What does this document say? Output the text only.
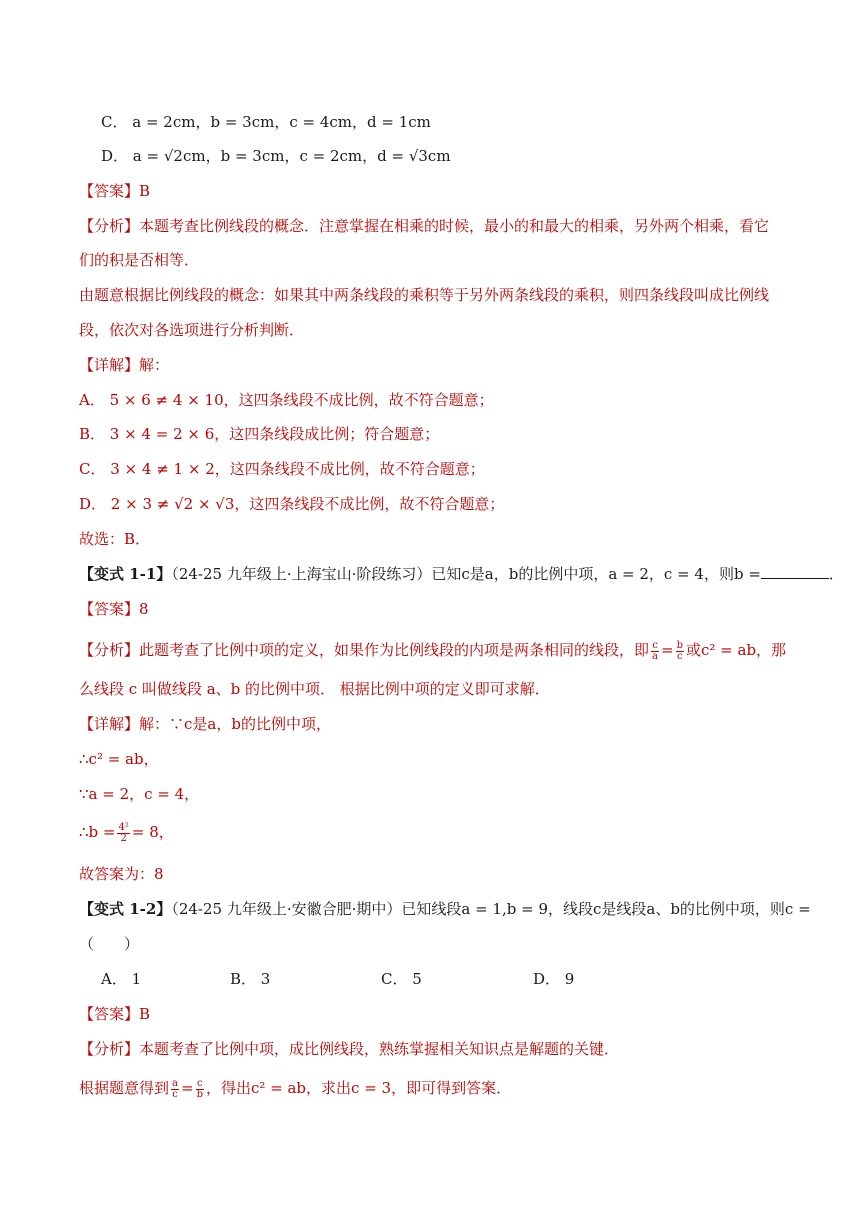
C． a = 2cm，b = 3cm，c = 4cm，d = 1cm
D． a = √2cm，b = 3cm，c = 2cm，d = √3cm
【答案】B
【分析】本题考查比例线段的概念．注意掌握在相乘的时候，最小的和最大的相乘，另外两个相乘，看它
们的积是否相等．
由题意根据比例线段的概念：如果其中两条线段的乘积等于另外两条线段的乘积，则四条线段叫成比例线
段，依次对各选项进行分析判断．
【详解】解：
A． 5 × 6 ≠ 4 × 10，这四条线段不成比例，故不符合题意；
B． 3 × 4 = 2 × 6，这四条线段成比例；符合题意；
C． 3 × 4 ≠ 1 × 2，这四条线段不成比例，故不符合题意；
D． 2 × 3 ≠ √2 × √3，这四条线段不成比例，故不符合题意；
故选：B．
【变式 1-1】（24-25 九年级上·上海宝山·阶段练习）已知c是a，b的比例中项，a = 2，c = 4，则b =	．
【答案】8
【分析】此题考查了比例中项的定义，如果作为比例线段的内项是两条相同的线段，即 $\frac{c}{a} = \frac{b}{c}$ 或c² = ab，那
么线段 c 叫做线段 a、b 的比例中项． 根据比例中项的定义即可求解．
【详解】解：∵c是a，b的比例中项，
∴c² = ab，
∵a = 2，c = 4，
∴b = $\frac{\text{4²}}{2} = 8$，
故答案为：8
【变式 1-2】（24-25 九年级上·安徽合肥·期中）已知线段a = 1,b = 9，线段c是线段a、b的比例中项，则c =
（　　）
A． 1	B． 3	C． 5	D． 9
【答案】B
【分析】本题考查了比例中项，成比例线段，熟练掌握相关知识点是解题的关键．
根据题意得到 $\frac{a}{c} = \frac{c}{b}$ ，得出c² = ab，求出c = 3，即可得到答案．
